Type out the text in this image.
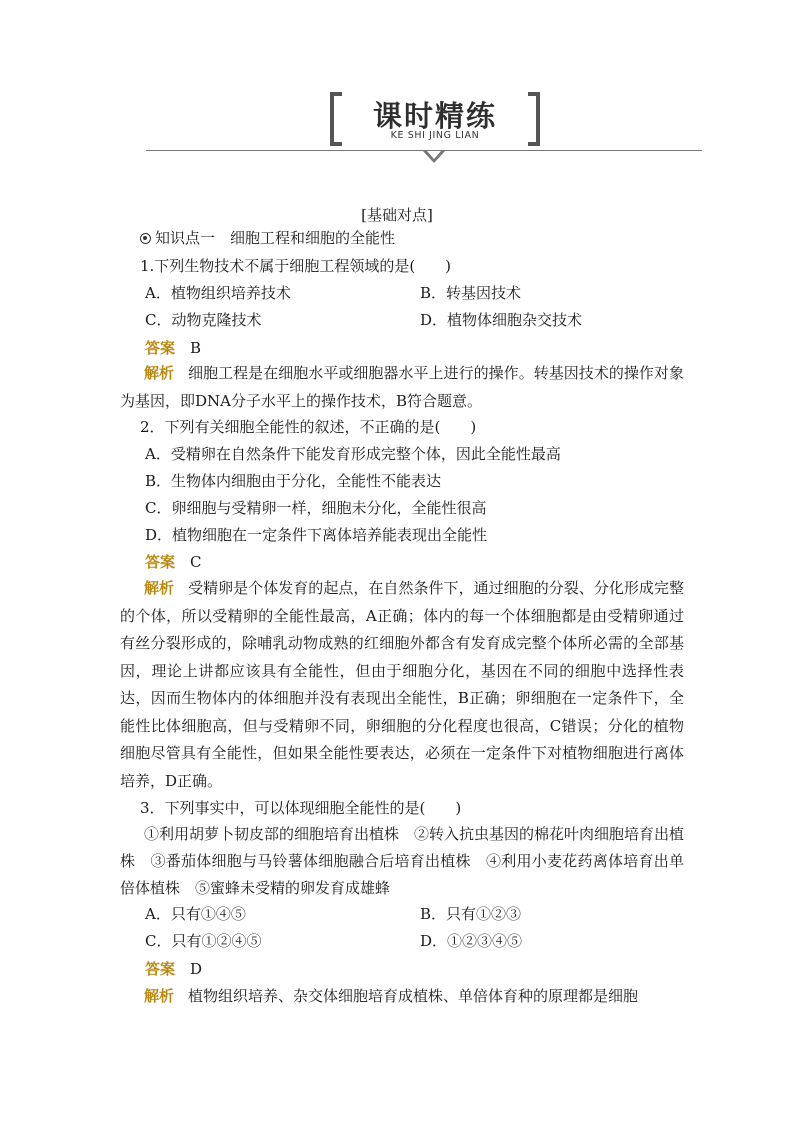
课时精练
KE SHI JING LIAN
[基础对点]
知识点一　细胞工程和细胞的全能性
1.下列生物技术不属于细胞工程领域的是(　　)
A．植物组织培养技术	B．转基因技术
C．动物克隆技术	D．植物体细胞杂交技术
答案　 B
解析 细胞工程是在细胞水平或细胞器水平上进行的操作。转基因技术的操作对象为基因，即DNA分子水平上的操作技术，B符合题意。
2．下列有关细胞全能性的叙述，不正确的是(　　)
A．受精卵在自然条件下能发育形成完整个体，因此全能性最高
B．生物体内细胞由于分化，全能性不能表达
C．卵细胞与受精卵一样，细胞未分化，全能性很高
D．植物细胞在一定条件下离体培养能表现出全能性
答案　 C
解析 受精卵是个体发育的起点，在自然条件下，通过细胞的分裂、分化形成完整的个体，所以受精卵的全能性最高，A正确；体内的每一个体细胞都是由受精卵通过有丝分裂形成的，除哺乳动物成熟的红细胞外都含有发育成完整个体所必需的全部基因，理论上讲都应该具有全能性，但由于细胞分化，基因在不同的细胞中选择性表达，因而生物体内的体细胞并没有表现出全能性，B正确；卵细胞在一定条件下，全能性比体细胞高，但与受精卵不同，卵细胞的分化程度也很高，C错误；分化的植物细胞尽管具有全能性，但如果全能性要表达，必须在一定条件下对植物细胞进行离体培养，D正确。
3．下列事实中，可以体现细胞全能性的是(　　)
①利用胡萝卜韧皮部的细胞培育出植株　②转入抗虫基因的棉花叶肉细胞培育出植株　③番茄体细胞与马铃薯体细胞融合后培育出植株　④利用小麦花药离体培育出单倍体植株　⑤蜜蜂未受精的卵发育成雄蜂
A．只有①④⑤	B．只有①②③
C．只有①②④⑤	D．①②③④⑤
答案　 D
解析 植物组织培养、杂交体细胞培育成植株、单倍体育种的原理都是细胞
